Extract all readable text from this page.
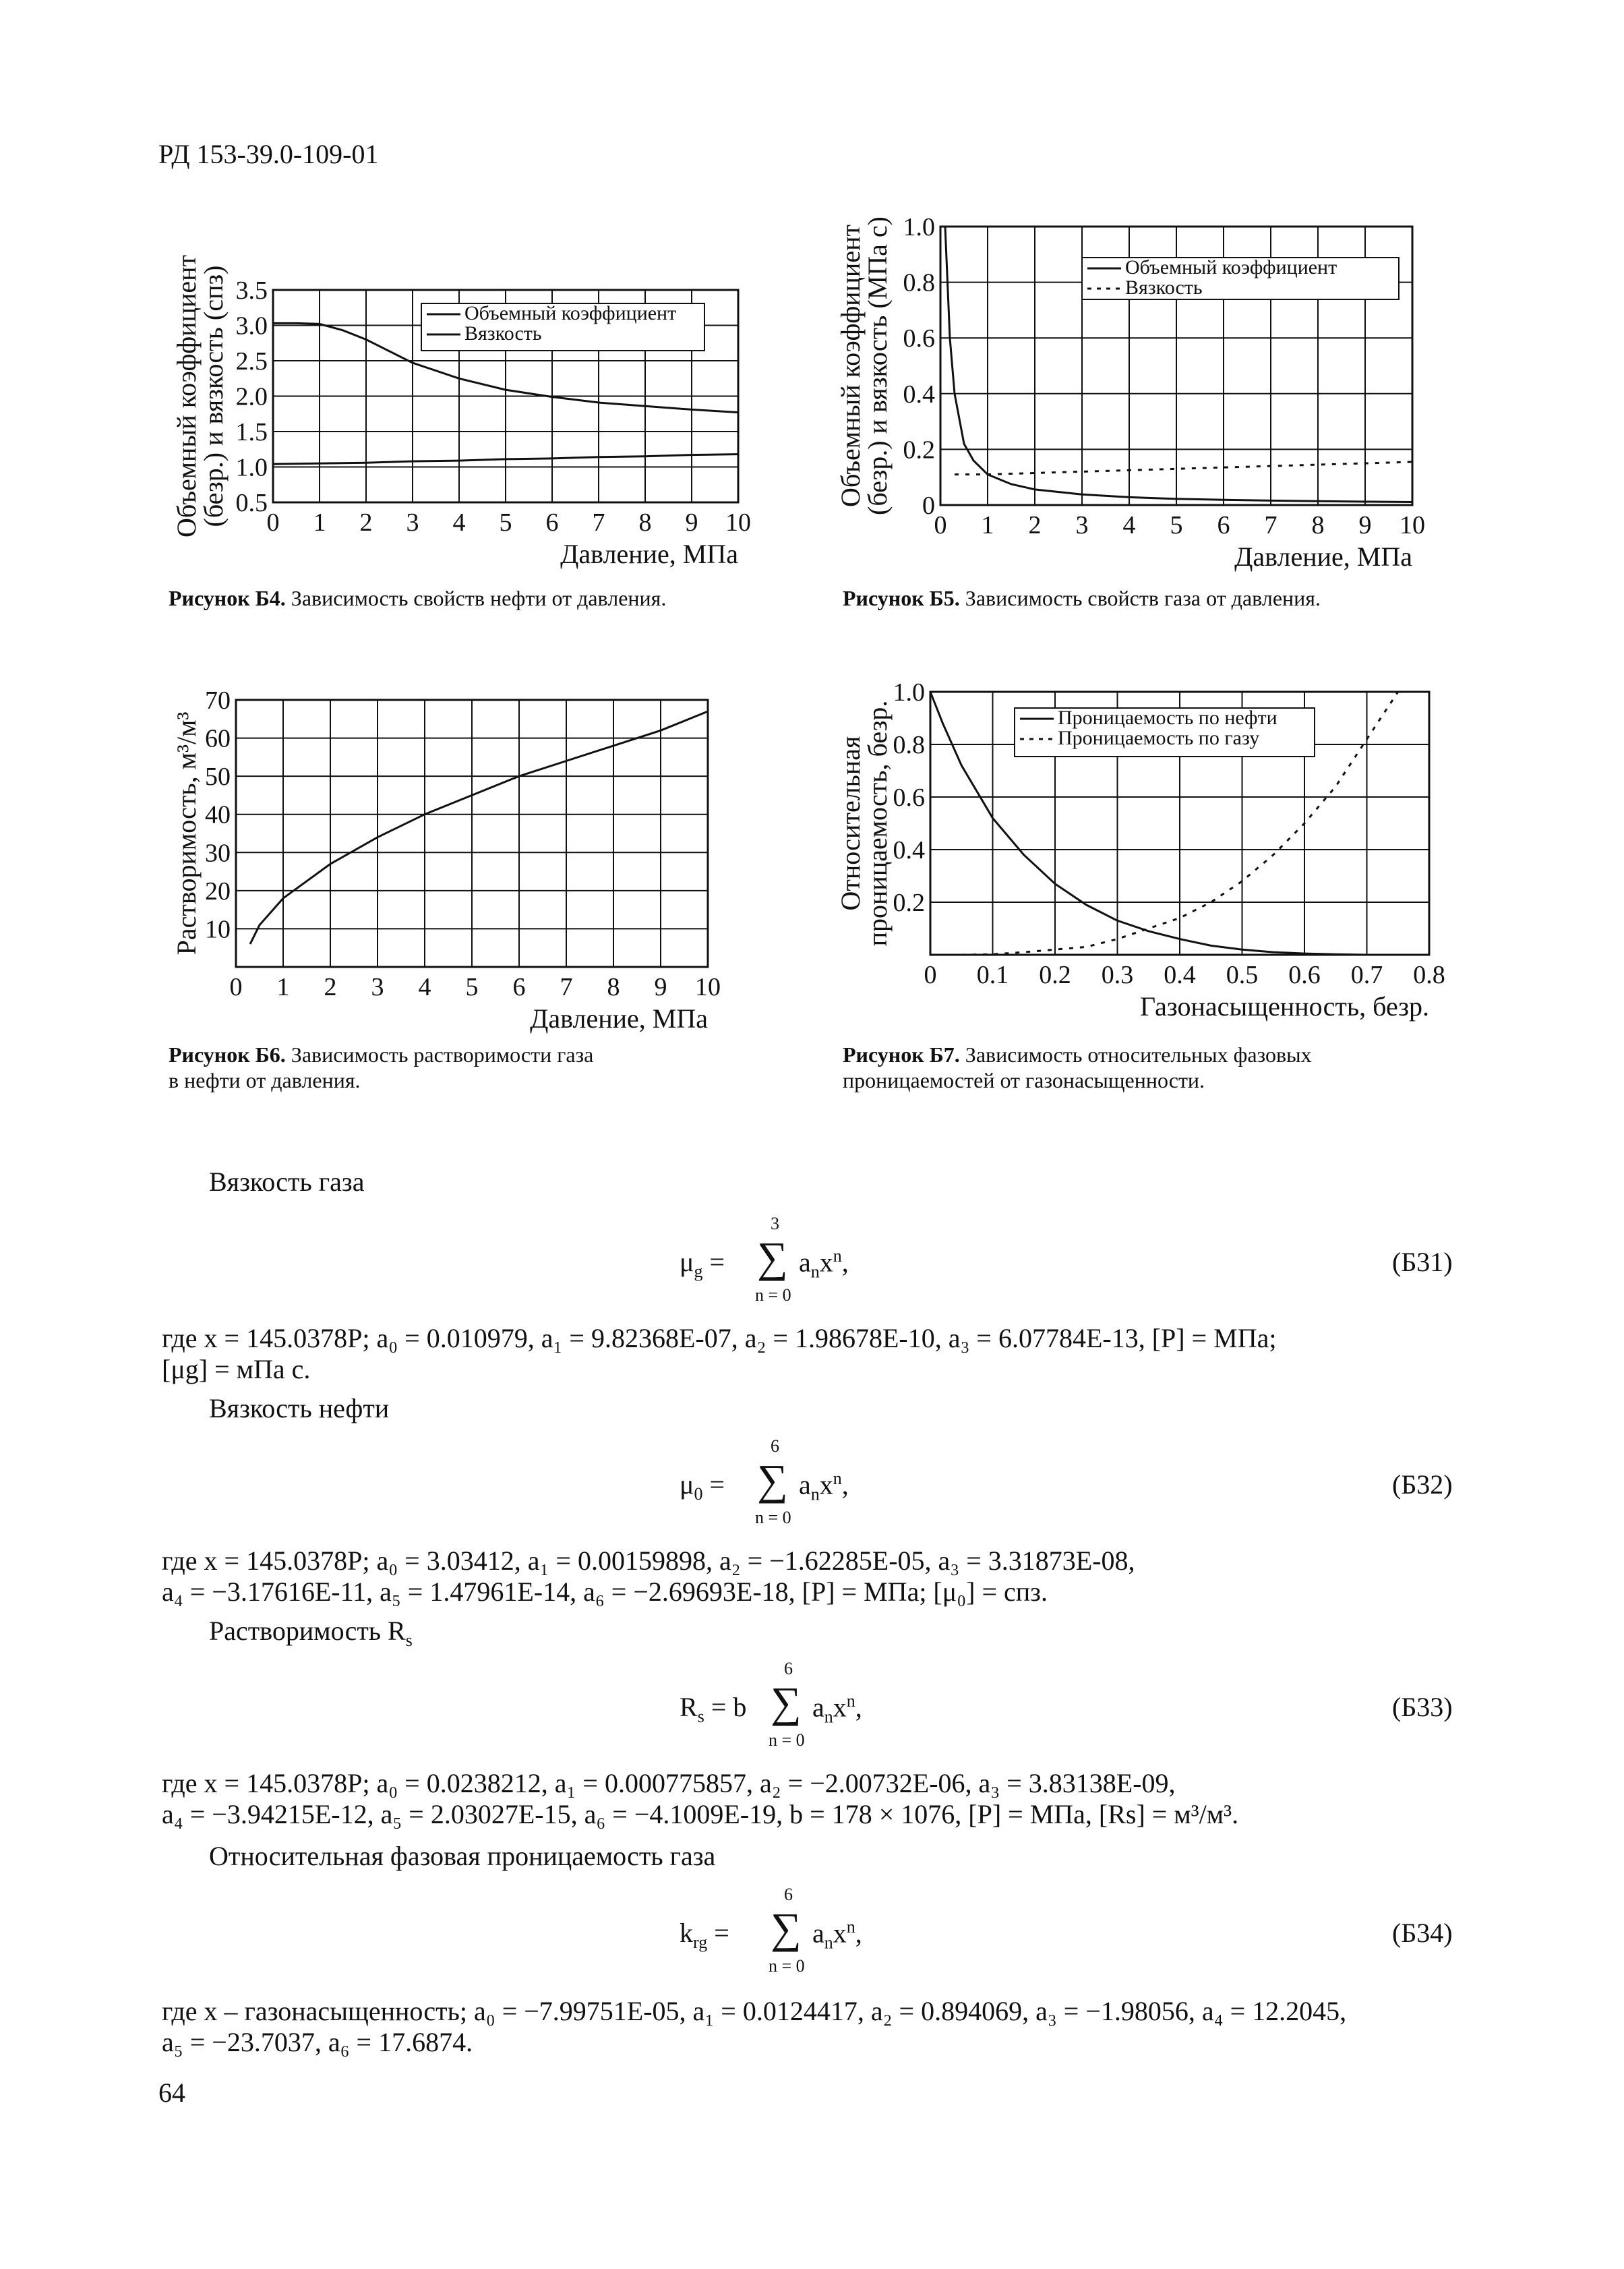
РД 153-39.0-109-01
0 1 2 3 4 5 6 7 8 9 10
0.5
1.0
1.5
2.0
2.5
3.0
3.5
Давление, МПа
Объемный коэффициент
(безр.) и вязкость (спз)	Объемный коэффициент
Вязкость
Рисунок Б4. Зависимость свойств нефти от давления.
0 1 2 3 4 5 6 7 8 9 10
0
0.2
0.4
0.6
0.8
1.0
Давление, МПа
Объемный коэффициент
(безр.) и вязкость (МПа с)	Объемный коэффициент
Вязкость
Рисунок Б5. Зависимость свойств газа от давления.
0 1 2 3 4 5 6 7 8 9 10
10
20
30
40
50
60
70
Давление, МПа
Растворимость, м³/м³
Рисунок Б6. Зависимость растворимости газа
в нефти от давления.
0 0.1 0.2 0.3 0.4 0.5 0.6 0.7 0.8
0.2
0.4
0.6
0.8
1.0
Газонасыщенность, безр.
Относительная
проницаемость, безр.	Проницаемость по нефти
Проницаемость по газу
Рисунок Б7. Зависимость относительных фазовых
проницаемостей от газонасыщенности.
Вязкость газа
$\mu_g$ =
3
∑
n = 0
$a_nx^n$,	(Б31)
где x = 145.0378P; a₀ = 0.010979, a₁ = 9.82368E-07, a₂ = 1.98678E-10, a₃ = 6.07784E-13, [P] = МПа;
[μg] = мПа с.
Вязкость нефти
$\mu_0$ =
6
∑
n = 0
$a_nx^n$,	(Б32)
где x = 145.0378P; a₀ = 3.03412, a₁ = 0.00159898, a₂ = −1.62285E-05, a₃ = 3.31873E-08,
a₄ = −3.17616E-11, a₅ = 1.47961E-14, a₆ = −2.69693E-18, [P] = МПа; [μ₀] = спз.
Растворимость $R_s$
$R_s = b$
6
∑
n = 0
$a_nx^n$,	(Б33)
где x = 145.0378P; a₀ = 0.0238212, a₁ = 0.000775857, a₂ = −2.00732E-06, a₃ = 3.83138E-09,
a₄ = −3.94215E-12, a₅ = 2.03027E-15, a₆ = −4.1009E-19, b = 178 × 1076, [P] = МПа, [Rs] = м³/м³.
Относительная фазовая проницаемость газа
$k_{rg}$ =
6
∑
n = 0
$a_nx^n$,	(Б34)
где x – газонасыщенность; a₀ = −7.99751E-05, a₁ = 0.0124417, a₂ = 0.894069, a₃ = −1.98056, a₄ = 12.2045,
a₅ = −23.7037, a₆ = 17.6874.
64
